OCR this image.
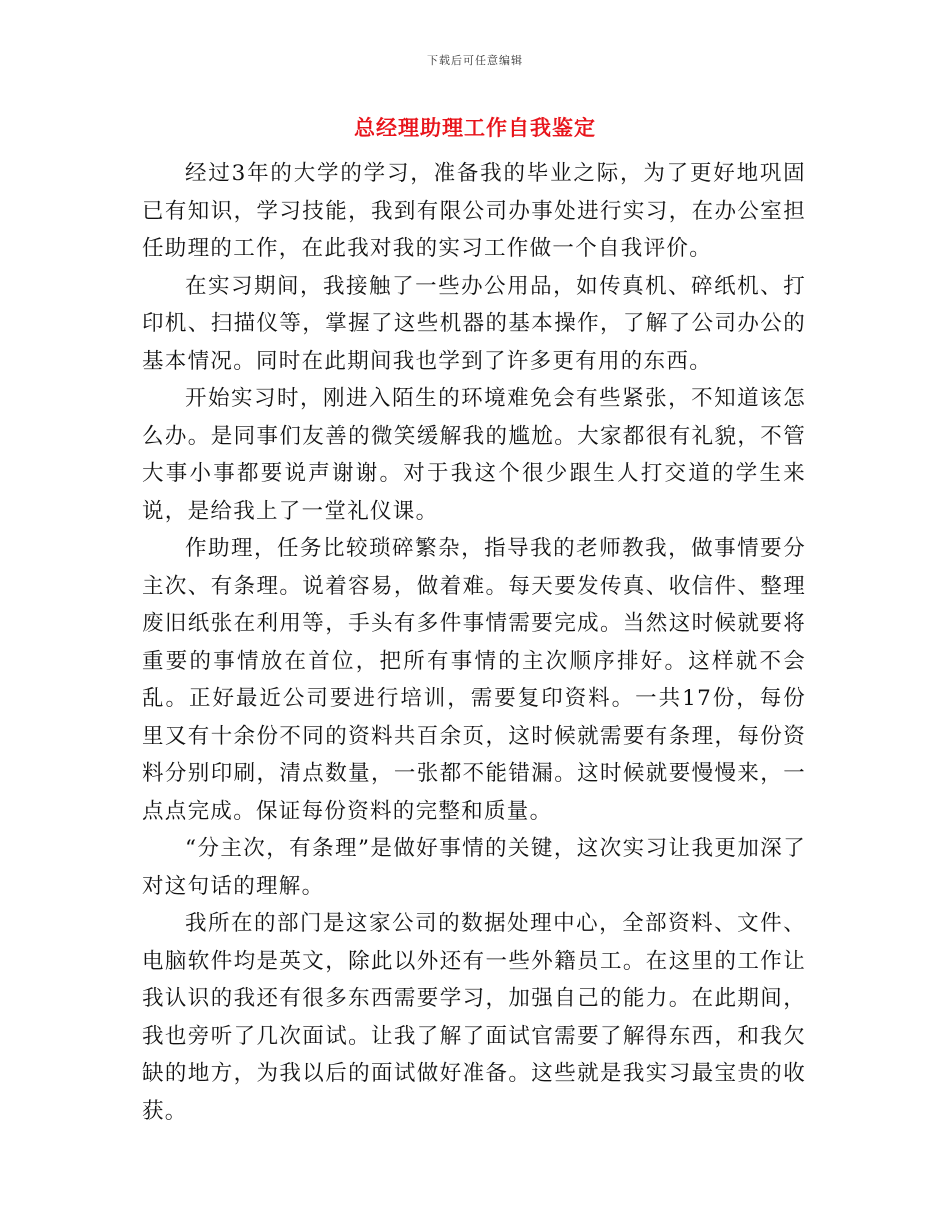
下载后可任意编辑
总经理助理工作自我鉴定

经过3年的大学的学习，准备我的毕业之际，为了更好地巩固已有知识，学习技能，我到有限公司办事处进行实习，在办公室担任助理的工作，在此我对我的实习工作做一个自我评价。

在实习期间，我接触了一些办公用品，如传真机、碎纸机、打印机、扫描仪等，掌握了这些机器的基本操作，了解了公司办公的基本情况。同时在此期间我也学到了许多更有用的东西。

开始实习时，刚进入陌生的环境难免会有些紧张，不知道该怎么办。是同事们友善的微笑缓解我的尴尬。大家都很有礼貌，不管大事小事都要说声谢谢。对于我这个很少跟生人打交道的学生来说，是给我上了一堂礼仪课。

作助理，任务比较琐碎繁杂，指导我的老师教我，做事情要分主次、有条理。说着容易，做着难。每天要发传真、收信件、整理废旧纸张在利用等，手头有多件事情需要完成。当然这时候就要将重要的事情放在首位，把所有事情的主次顺序排好。这样就不会乱。正好最近公司要进行培训，需要复印资料。一共17份，每份里又有十余份不同的资料共百余页，这时候就需要有条理，每份资料分别印刷，清点数量，一张都不能错漏。这时候就要慢慢来，一点点完成。保证每份资料的完整和质量。

“分主次，有条理”是做好事情的关键，这次实习让我更加深了对这句话的理解。

我所在的部门是这家公司的数据处理中心，全部资料、文件、电脑软件均是英文，除此以外还有一些外籍员工。在这里的工作让我认识的我还有很多东西需要学习，加强自己的能力。在此期间，我也旁听了几次面试。让我了解了面试官需要了解得东西，和我欠缺的地方，为我以后的面试做好准备。这些就是我实习最宝贵的收获。
